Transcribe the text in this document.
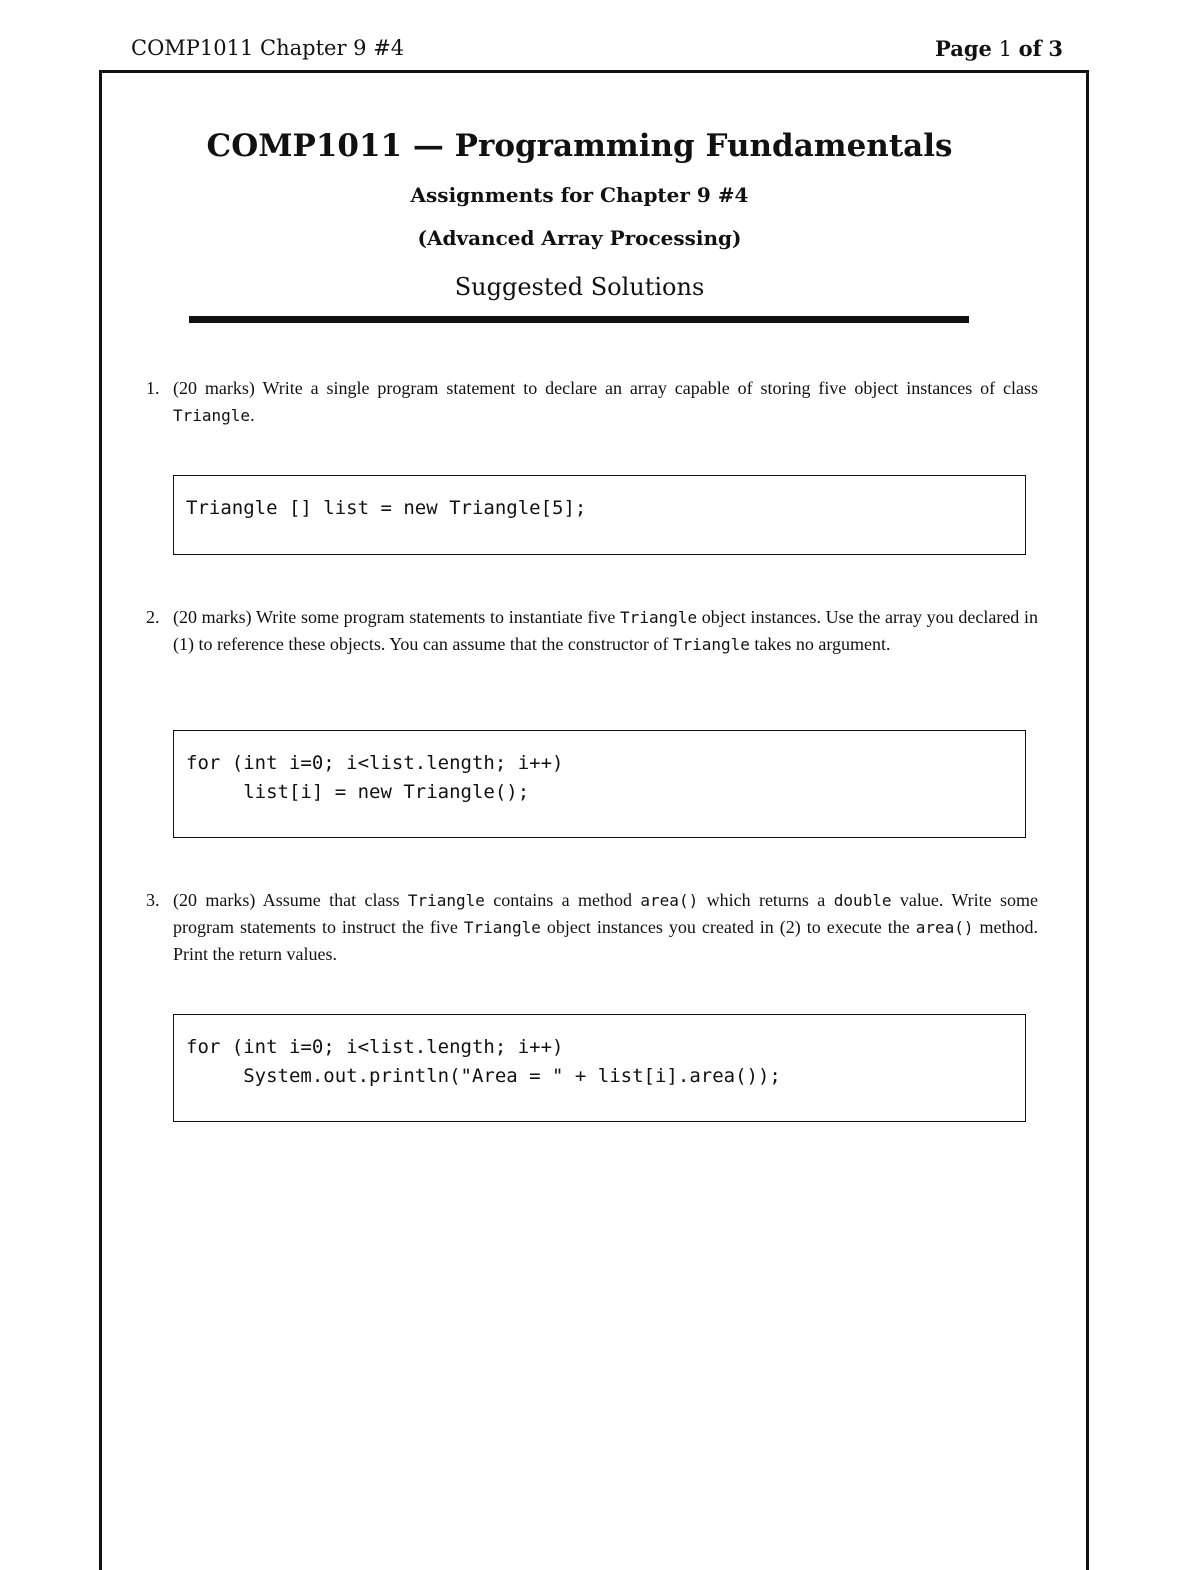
COMP1011 Chapter 9 #4	Page 1 of 3
COMP1011 — Programming Fundamentals
Assignments for Chapter 9 #4
(Advanced Array Processing)
Suggested Solutions
1. (20 marks) Write a single program statement to declare an array capable of storing five object instances of class Triangle.
Triangle [] list = new Triangle[5];
2. (20 marks) Write some program statements to instantiate five Triangle object instances. Use the array you declared in (1) to reference these objects. You can assume that the constructor of Triangle takes no argument.
for (int i=0; i<list.length; i++)
list[i] = new Triangle();
3. (20 marks) Assume that class Triangle contains a method area() which returns a double value. Write some program statements to instruct the five Triangle object instances you created in (2) to execute the area() method. Print the return values.
for (int i=0; i<list.length; i++)
System.out.println("Area = " + list[i].area());
